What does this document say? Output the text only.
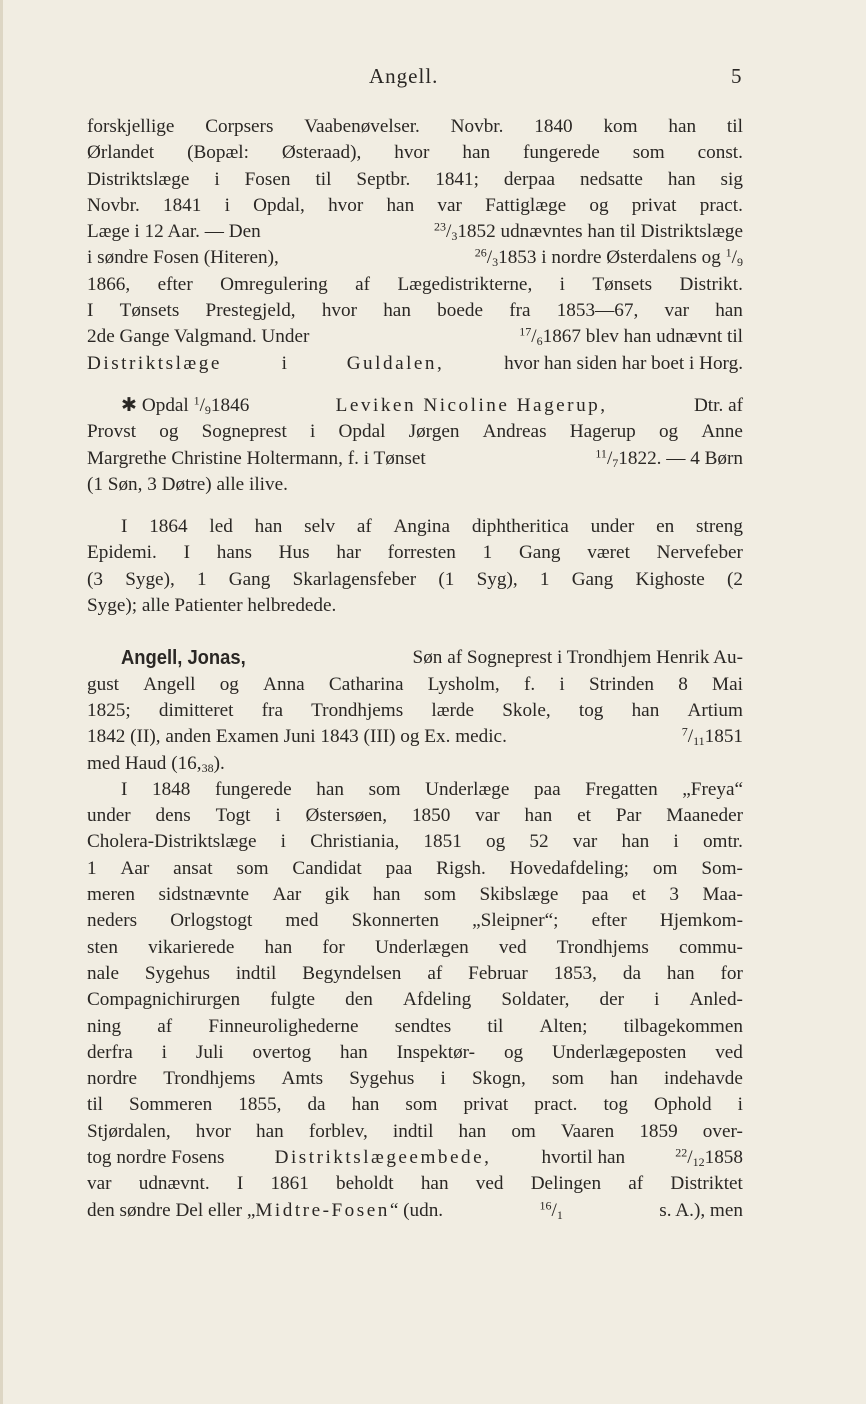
Angell.	5
forskjellige Corpsers Vaabenøvelser. Novbr. 1840 kom han til
Ørlandet (Bopæl: Østeraad), hvor han fungerede som const.
Distriktslæge i Fosen til Septbr. 1841; derpaa nedsatte han sig
Novbr. 1841 i Opdal, hvor han var Fattiglæge og privat pract.
Læge i 12 Aar. — Den	$^{23}/_31852$ udnævntes han til Distriktslæge
i søndre Fosen (Hiteren),	$^{26}/_31853$ i nordre Østerdalens og $^1/_9$
1866, efter Omregulering af Lægedistrikterne, i Tønsets Distrikt.
I Tønsets Prestegjeld, hvor han boede fra 1853—67, var han
2de Gange Valgmand. Under	$^{17}/_61867$ blev han udnævnt til
Distriktslæge	i	Guldalen,	hvor han siden har boet i Horg.
✱ Opdal $^1/_91846$	Leviken Nicoline Hagerup,	Dtr. af
Provst og Sogneprest i Opdal Jørgen Andreas Hagerup og Anne
Margrethe Christine Holtermann, f. i Tønset	$^{11}/_71822$. — 4 Børn
(1 Søn, 3 Døtre) alle ilive.
I 1864 led han selv af Angina diphtheritica under en streng
Epidemi. I hans Hus har forresten 1 Gang været Nervefeber
(3 Syge), 1 Gang Skarlagensfeber (1 Syg), 1 Gang Kighoste (2
Syge); alle Patienter helbredede.
Angell, Jonas,	Søn af Sogneprest i Trondhjem Henrik Au-
gust Angell og Anna Catharina Lysholm, f. i Strinden 8 Mai
1825; dimitteret fra Trondhjems lærde Skole, tog han Artium
1842 (II), anden Examen Juni 1843 (III) og Ex. medic.	$^7/_{11}1851$
med Haud $(16,_{38})$.
I 1848 fungerede han som Underlæge paa Fregatten „Freya“
under dens Togt i Østersøen, 1850 var han et Par Maaneder
Cholera-Distriktslæge i Christiania, 1851 og 52 var han i omtr.
1 Aar ansat som Candidat paa Rigsh. Hovedafdeling; om Som-
meren sidstnævnte Aar gik han som Skibslæge paa et 3 Maa-
neders Orlogstogt med Skonnerten „Sleipner“; efter Hjemkom-
sten vikarierede han for Underlægen ved Trondhjems commu-
nale Sygehus indtil Begyndelsen af Februar 1853, da han for
Compagnichirurgen fulgte den Afdeling Soldater, der i Anled-
ning af Finneurolighederne sendtes til Alten; tilbagekommen
derfra i Juli overtog han Inspektør- og Underlægeposten ved
nordre Trondhjems Amts Sygehus i Skogn, som han indehavde
til Sommeren 1855, da han som privat pract. tog Ophold i
Stjørdalen, hvor han forblev, indtil han om Vaaren 1859 over-
tog nordre Fosens	Distriktslægeembede,	hvortil han	$^{22}/_{12}1858$
var udnævnt. I 1861 beholdt han ved Delingen af Distriktet
den søndre Del eller „Midtre-Fosen“ (udn.	$^{16}/_1$	s. A.), men
